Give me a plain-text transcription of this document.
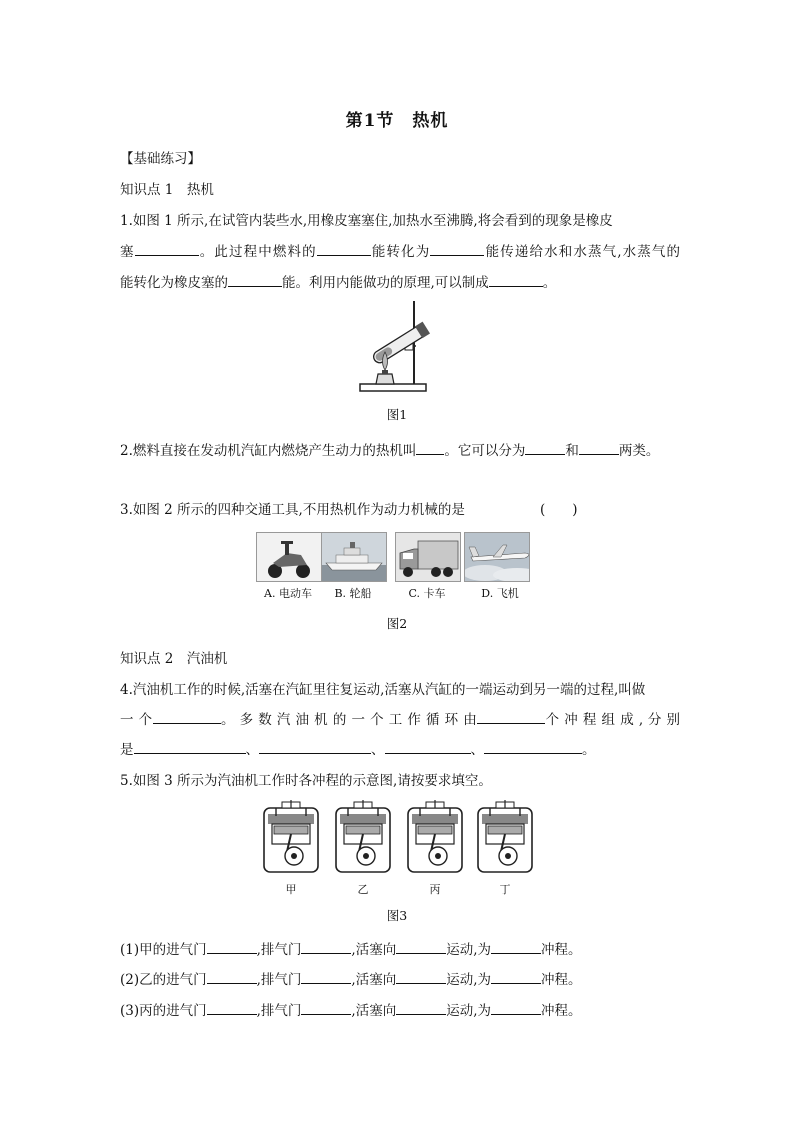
第1节　热机
【基础练习】
知识点 1　热机
1.如图 1 所示,在试管内装些水,用橡皮塞塞住,加热水至沸腾,将会看到的现象是橡皮
塞	。此过程中燃料的	能转化为	能传递给水和水蒸气,水蒸气的
能转化为橡皮塞的	能。利用内能做功的原理,可以制成	。
图1
2.燃料直接在发动机汽缸内燃烧产生动力的热机叫 。它可以分为	和	两类。
3.如图 2 所示的四种交通工具,不用热机作为动力机械的是	(　　)
A. 电动车	B. 轮船	C. 卡车	D. 飞机
图2
知识点 2　汽油机
4.汽油机工作的时候,活塞在汽缸里往复运动,活塞从汽缸的一端运动到另一端的过程,叫做
一 个	。 多 数 汽 油 机 的 一 个 工 作 循 环 由	个 冲 程 组 成 , 分 别
是	、	、	、	。
5.如图 3 所示为汽油机工作时各冲程的示意图,请按要求填空。
甲	乙	丙	丁
图3
(1)甲的进气门	,排气门	,活塞向	运动,为	冲程。
(2)乙的进气门	,排气门	,活塞向	运动,为	冲程。
(3)丙的进气门	,排气门	,活塞向	运动,为	冲程。
